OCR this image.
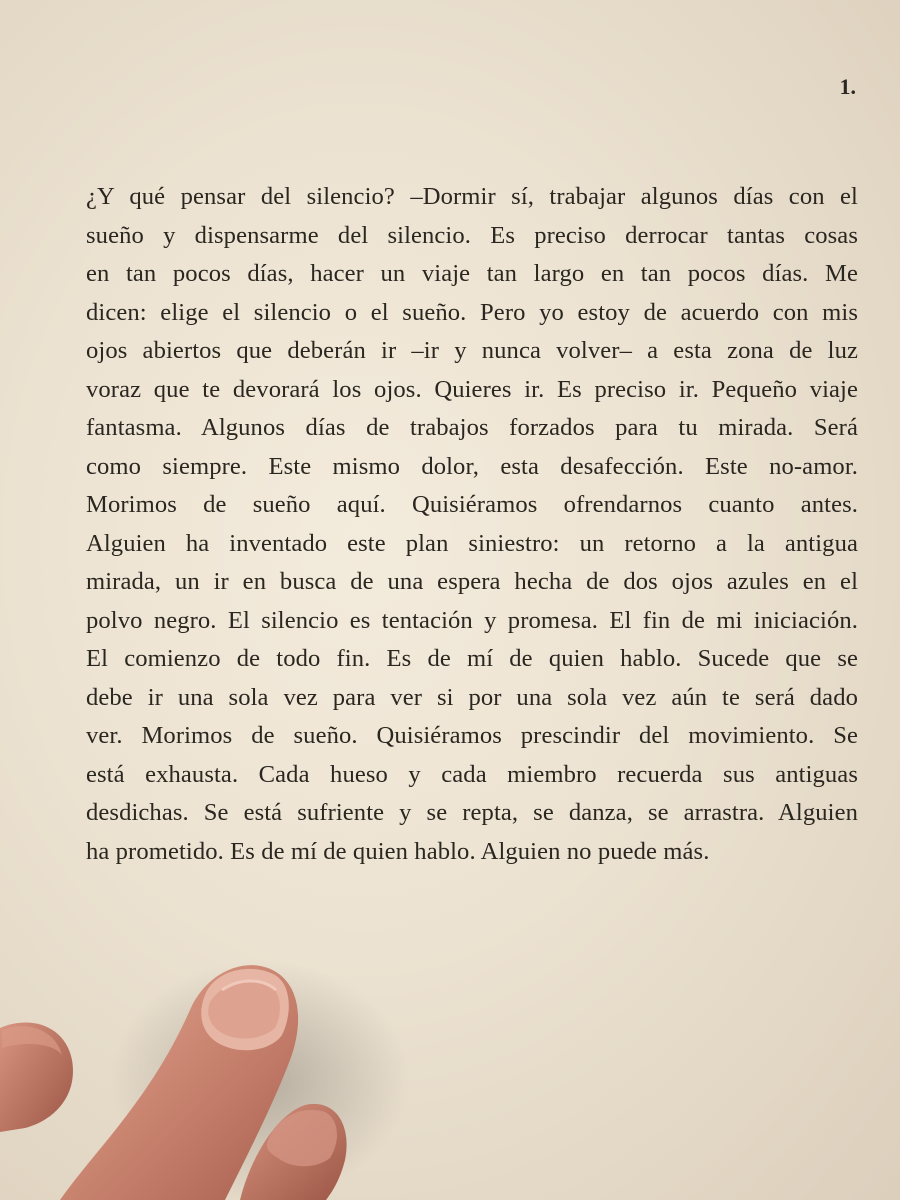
1.

¿Y qué pensar del silencio? –Dormir sí, trabajar algunos días con el
sueño y dispensarme del silencio. Es preciso derrocar tantas cosas
en tan pocos días, hacer un viaje tan largo en tan pocos días. Me
dicen: elige el silencio o el sueño. Pero yo estoy de acuerdo con mis
ojos abiertos que deberán ir –ir y nunca volver– a esta zona de luz
voraz que te devorará los ojos. Quieres ir. Es preciso ir. Pequeño viaje
fantasma. Algunos días de trabajos forzados para tu mirada. Será
como siempre. Este mismo dolor, esta desafección. Este no-amor.
Morimos de sueño aquí. Quisiéramos ofrendarnos cuanto antes.
Alguien ha inventado este plan siniestro: un retorno a la antigua
mirada, un ir en busca de una espera hecha de dos ojos azules en el
polvo negro. El silencio es tentación y promesa. El fin de mi iniciación.
El comienzo de todo fin. Es de mí de quien hablo. Sucede que se
debe ir una sola vez para ver si por una sola vez aún te será dado
ver. Morimos de sueño. Quisiéramos prescindir del movimiento. Se
está exhausta. Cada hueso y cada miembro recuerda sus antiguas
desdichas. Se está sufriente y se repta, se danza, se arrastra. Alguien
ha prometido. Es de mí de quien hablo. Alguien no puede más.
